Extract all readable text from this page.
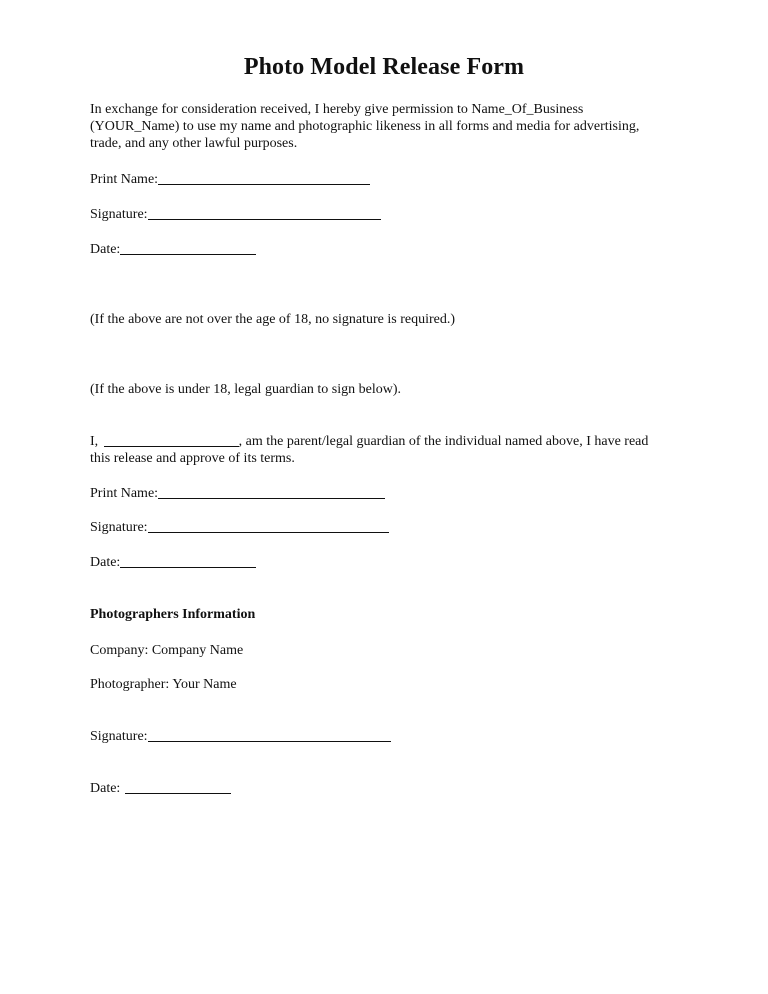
Photo Model Release Form
In exchange for consideration received, I hereby give permission to Name_Of_Business (YOUR_Name) to use my name and photographic likeness in all forms and media for advertising, trade, and any other lawful purposes.
Print Name:
Signature:
Date:
(If the above are not over the age of 18, no signature is required.)
(If the above is under 18, legal guardian to sign below).
I,	, am the parent/legal guardian of the individual named above, I have read this release and approve of its terms.
Print Name:
Signature:
Date:
Photographers Information
Company: Company Name
Photographer: Your Name
Signature:
Date:
